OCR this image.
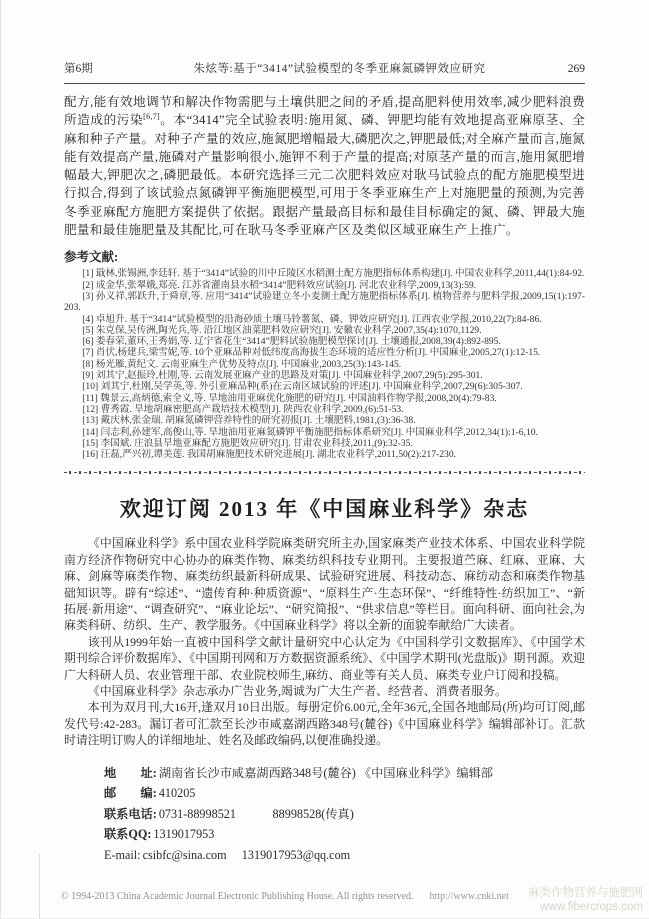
第6期	朱炫等:基于“3414”试验模型的冬季亚麻氮磷钾效应研究	269

配方,能有效地调节和解决作物需肥与土壤供肥之间的矛盾,提高肥料使用效率,减少肥料浪费所造成的污染[6,7]。本“3414”完全试验表明:施用氮、磷、钾肥均能有效地提高亚麻原茎、全麻和种子产量。对种子产量的效应,施氮肥增幅最大,磷肥次之,钾肥最低;对全麻产量而言,施氮能有效提高产量,施磷对产量影响很小,施钾不利于产量的提高;对原茎产量的而言,施用氮肥增幅最大,钾肥次之,磷肥最低。本研究选择三元二次肥料效应对耿马试验点的配方施肥模型进行拟合,得到了该试验点氮磷钾平衡施肥模型,可用于冬季亚麻生产上对施肥量的预测,为完善冬季亚麻配方施肥方案提供了依据。跟据产量最高目标和最佳目标确定的氮、磷、钾最大施肥量和最佳施肥量及其配比,可在耿马冬季亚麻产区及类似区域亚麻生产上推广。

参考文献:

[1] 戢林,张锡洲,李廷轩. 基于“3414”试验的川中丘陵区水稻测土配方施肥指标体系构建[J]. 中国农业科学,2011,44(1):84-92.

[2] 成金华,张翠娥,郑亮. 江苏省灌南县水稻“3414”肥料效应试验[J]. 河北农业科学,2009,13(3):59.

[3] 孙义祥,郭跃升,于舜章,等. 应用“3414”试验建立冬小麦测土配方施肥指标体系[J]. 植物营养与肥料学报,2009,15(1):197-203.

[4] 卓旭升. 基于“3414”试验模型的沿海砂质土壤马铃薯氮、磷、钾效应研究[J]. 江西农业学报,2010,22(7):84-86.

[5] 朱克保,吴传洲,陶光兵,等. 沿江地区油菜肥料效应研究[J]. 安徽农业科学,2007,35(4):1070,1129.

[6] 娄春荣,董环,王秀娟,等. 辽宁省花生“3414”肥料试验施肥模型探讨[J]. 土壤通报,2008,39(4):892-895.

[7] 肖伏,杨建兵,梁雪妮,等. 10个亚麻品种对低纬度高海拔生态环境的适应性分析[J]. 中国麻业,2005,27(1):12-15.

[8] 杨光雁,黄纪文. 云南亚麻生产优势及特点[J]. 中国麻业,2003,25(3):143-145.

[9] 刘其宁,赵振玲,杜刚,等. 云南发展亚麻产业的思路及对策[J]. 中国麻业科学,2007,29(5):295-301.

[10] 刘其宁,杜刚,吴学英,等. 外引亚麻品种(系)在云南区域试验的评述[J]. 中国麻业科学,2007,29(6):305-307.

[11] 魏景云,高炳德,索全义,等. 旱地油用亚麻优化施肥的研究[J]. 中国油料作物学报,2008,20(4):79-83.

[12] 曹秀霞. 旱地胡麻密肥高产栽培技术模型[J]. 陕西农业科学,2009,(6):51-53.

[13] 戴庆林,张金瑞. 胡麻氮磷钾营养特性的研究初报[J]. 土壤肥料,1981,(3):36-38.

[14] 闫志利,孙建军,高俊山,等. 旱地油用亚麻氮磷钾平衡施肥指标体系研究[J]. 中国麻业科学,2012,34(1):1-6,10.

[15] 李国斌. 庄浪县旱地亚麻配方施肥效应研究[J]. 甘肃农业科技,2011,(9):32-35.

[16] 汪磊,严兴初,谭美莲. 我国胡麻施肥技术研究进展[J]. 湖北农业科学,2011,50(2):217-230.

欢迎订阅 2013 年《中国麻业科学》杂志

《中国麻业科学》系中国农业科学院麻类研究所主办,国家麻类产业技术体系、中国农业科学院南方经济作物研究中心协办的麻类作物、麻类纺织科技专业期刊。主要报道苎麻、红麻、亚麻、大麻、剑麻等麻类作物、麻类纺织最新科研成果、试验研究进展、科技动态、麻纺动态和麻类作物基础知识等。辟有“综述”、“遗传育种·种质资源”、“原料生产·生态环保”、“纤维特性·纺织加工”、“新拓展·新用途”、“调查研究”、“麻业论坛”、“研究简报”、“供求信息”等栏目。面向科研、面向社会,为麻类科研、纺织、生产、教学服务。《中国麻业科学》将以全新的面貌奉献给广大读者。

该刊从1999年始一直被中国科学文献计量研究中心认定为《中国科学引文数据库》、《中国学术期刊综合评价数据库》、《中国期刊网和万方数据资源系统》、《中国学术期刊(光盘版)》期刊源。欢迎广大科研人员、农业管理干部、农业院校师生,麻纺、商业等有关人员、麻类专业户订阅和投稿。

《中国麻业科学》杂志承办广告业务,竭诚为广大生产者、经营者、消费者服务。

本刊为双月刊,大16开,逢双月10日出版。每册定价6.00元,全年36元,全国各地邮局(所)均可订阅,邮发代号:42-283。漏订者可汇款至长沙市咸嘉湖西路348号(麓谷)《中国麻业科学》编辑部补订。汇款时请注明订购人的详细地址、姓名及邮政编码,以便准确投递。

地　　址: 湖南省长沙市咸嘉湖西路348号(麓谷) 《中国麻业科学》编辑部
邮　　编: 410205
联系电话: 0731-88998521　　　88998528(传真)
联系QQ: 1319017953
E-mail: csibfc@sina.com　 1319017953@qq.com
© 1994-2013 China Academic Journal Electronic Publishing House. All rights reserved. http://www.cnki.net	麻类作物营养与施肥网
www.fibercrops.com
